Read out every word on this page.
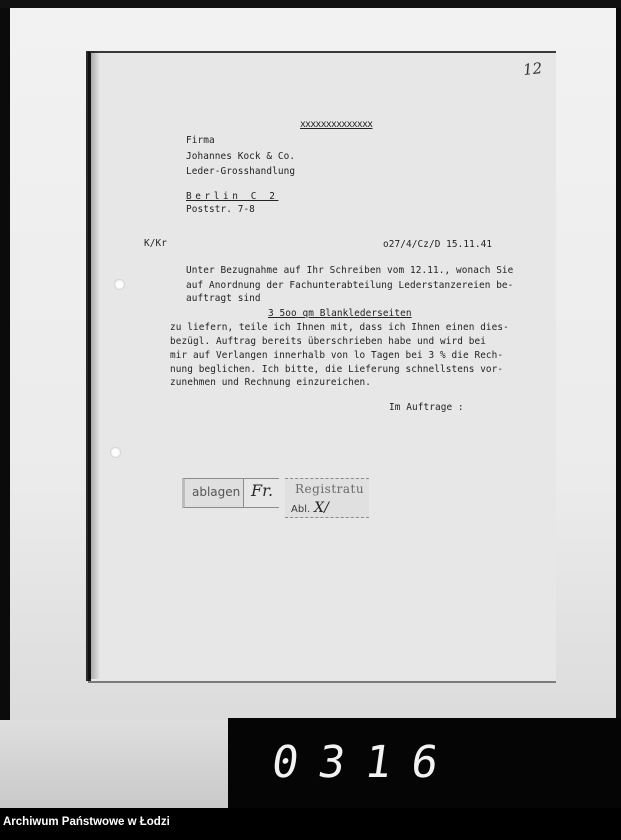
12
xxxxxxxxxxxxxx
Firma
Johannes Kock & Co.
Leder-Grosshandlung
Berlin C 2
Poststr. 7-8
K/Kr	o27/4/Cz/D 15.11.41
Unter Bezugnahme auf Ihr Schreiben vom 12.11., wonach Sie
auf Anordnung der Fachunterabteilung Lederstanzereien be-
auftragt sind
3 5oo qm Blanklederseiten
zu liefern, teile ich Ihnen mit, dass ich Ihnen einen dies-
bezügl. Auftrag bereits überschrieben habe und wird bei
mir auf Verlangen innerhalb von lo Tagen bei 3 % die Rech-
nung beglichen. Ich bitte, die Lieferung schnellstens vor-
zunehmen und Rechnung einzureichen.
Im Auftrage :
ablagen Fr. Registratu
Abl. X/
0316
Archiwum Państwowe w Łodzi
